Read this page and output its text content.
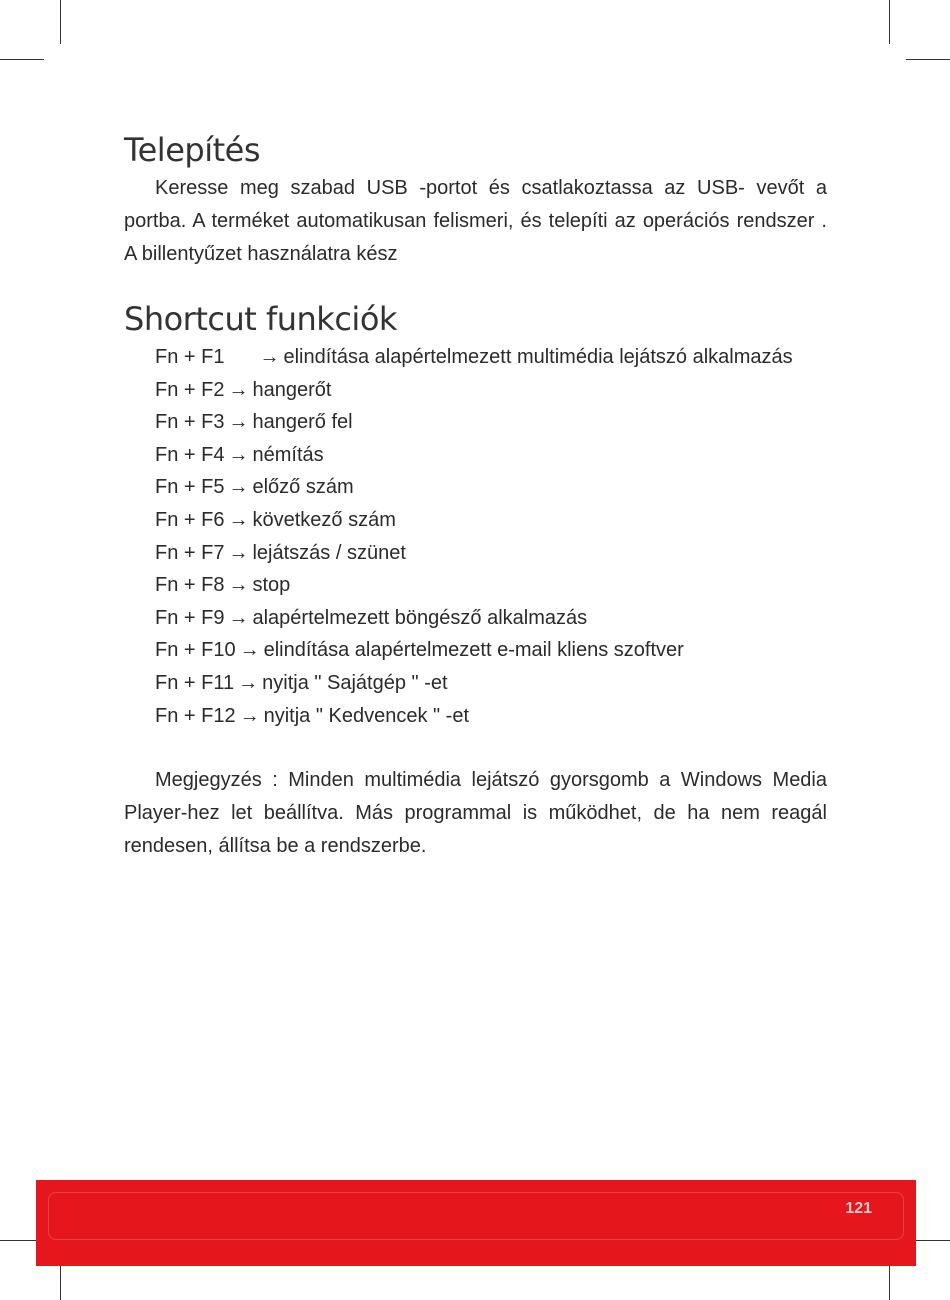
Telepítés

Keresse meg szabad USB -portot és csatlakoztassa az USB- vevőt a portba. A terméket automatikusan felismeri, és telepíti az operációs rendszer . A billentyűzet használatra kész

Shortcut funkciók
Fn + F1 → elindítása alapértelmezett multimédia lejátszó alkalmazás
Fn + F2 → hangerőt
Fn + F3 → hangerő fel
Fn + F4 → némítás
Fn + F5 → előző szám
Fn + F6 → következő szám
Fn + F7 → lejátszás / szünet
Fn + F8 → stop
Fn + F9 → alapértelmezett böngésző alkalmazás
Fn + F10 → elindítása alapértelmezett e-mail kliens szoftver
Fn + F11 → nyitja " Sajátgép " -et
Fn + F12 → nyitja " Kedvencek " -et

Megjegyzés : Minden multimédia lejátszó gyorsgomb a Windows Media Player-hez let beállítva. Más programmal is működhet, de ha nem reagál rendesen, állítsa be a rendszerbe.

121
